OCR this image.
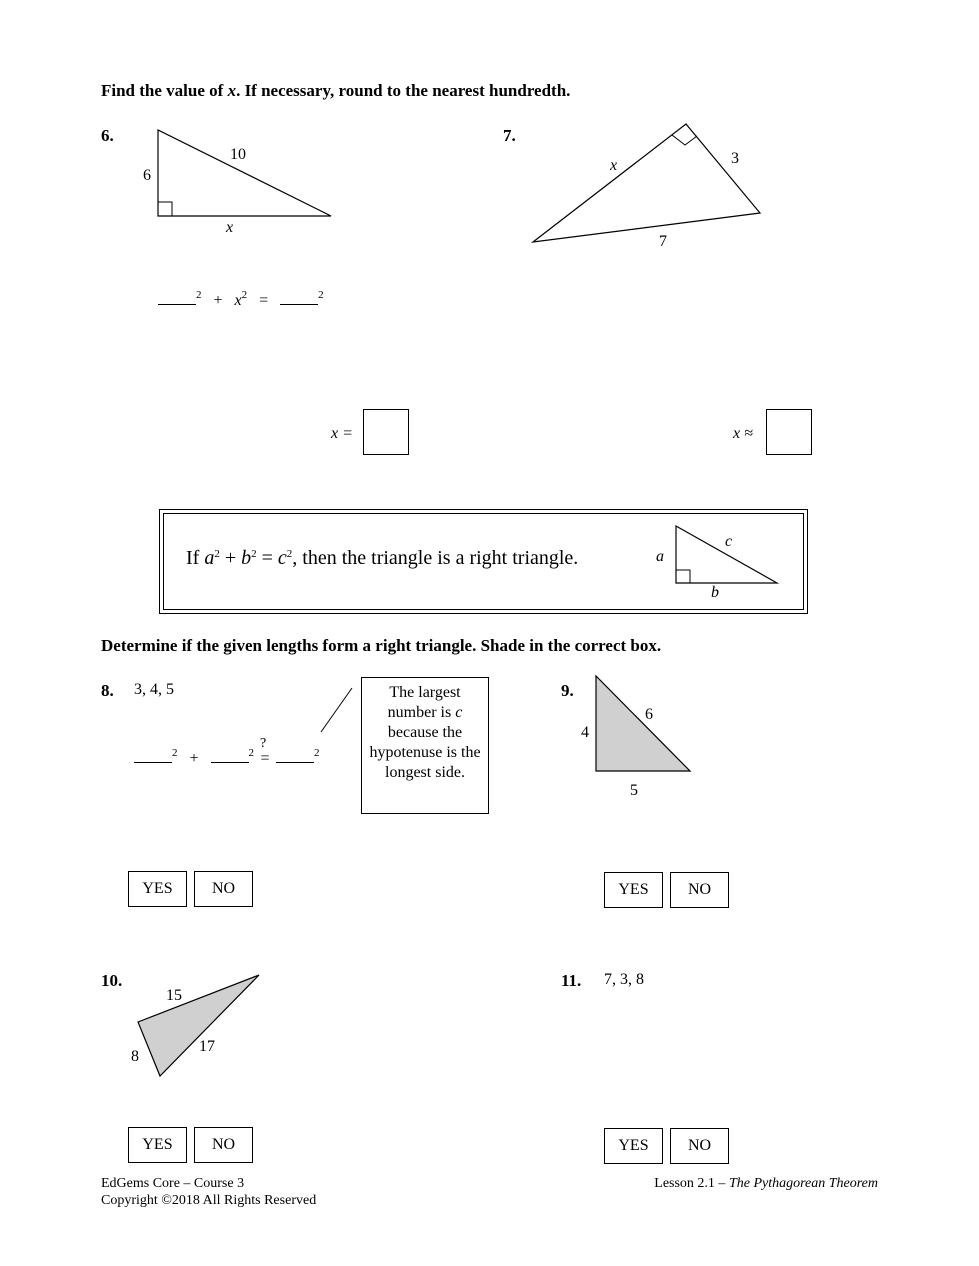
Find the value of x. If necessary, round to the nearest hundredth.
6.
6
10
x
$^2 + x^2$ =	$^2$
x =
7.
x	3
7
x ≈
If $a^2 + b^2 = c^2$, then the triangle is a right triangle.	a
c
b
Determine if the given lengths form a right triangle. Shade in the correct box.
8. 3, 4, 5
$^2$ +	$^2$
?
=	$^2$
The largest number is c because the hypotenuse is the longest side.
YES	NO
9.
4
6
5
YES	NO
10.
15
17
8
YES	NO
11. 7, 3, 8
YES	NO
EdGems Core – Course 3
Copyright ©2018 All Rights Reserved
Lesson 2.1 – The Pythagorean Theorem
